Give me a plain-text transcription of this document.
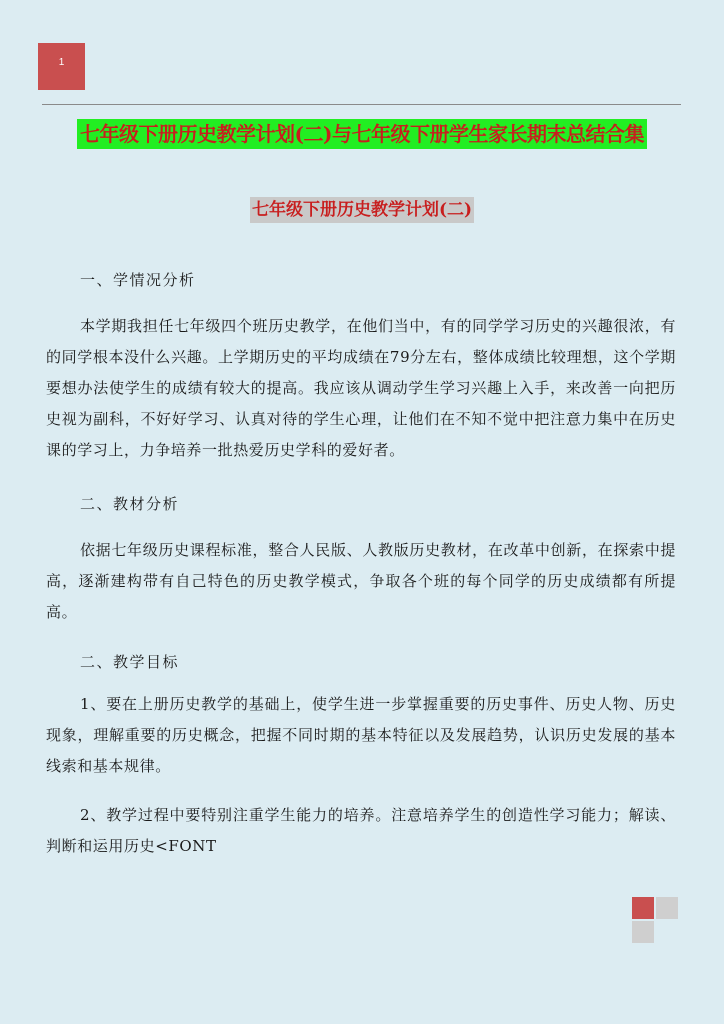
1
七年级下册历史教学计划(二)与七年级下册学生家长期末总结合集
七年级下册历史教学计划(二)
一、学情况分析

本学期我担任七年级四个班历史教学，在他们当中，有的同学学习历史的兴趣很浓，有的同学根本没什么兴趣。上学期历史的平均成绩在79分左右，整体成绩比较理想，这个学期要想办法使学生的成绩有较大的提高。我应该从调动学生学习兴趣上入手，来改善一向把历史视为副科，不好好学习、认真对待的学生心理，让他们在不知不觉中把注意力集中在历史课的学习上，力争培养一批热爱历史学科的爱好者。

二、教材分析

依据七年级历史课程标准，整合人民版、人教版历史教材，在改革中创新，在探索中提高，逐渐建构带有自己特色的历史教学模式，争取各个班的每个同学的历史成绩都有所提高。

二、教学目标

1、要在上册历史教学的基础上，使学生进一步掌握重要的历史事件、历史人物、历史现象，理解重要的历史概念，把握不同时期的基本特征以及发展趋势，认识历史发展的基本线索和基本规律。

2、教学过程中要特别注重学生能力的培养。注意培养学生的创造性学习能力；解读、判断和运用历史<FONT
